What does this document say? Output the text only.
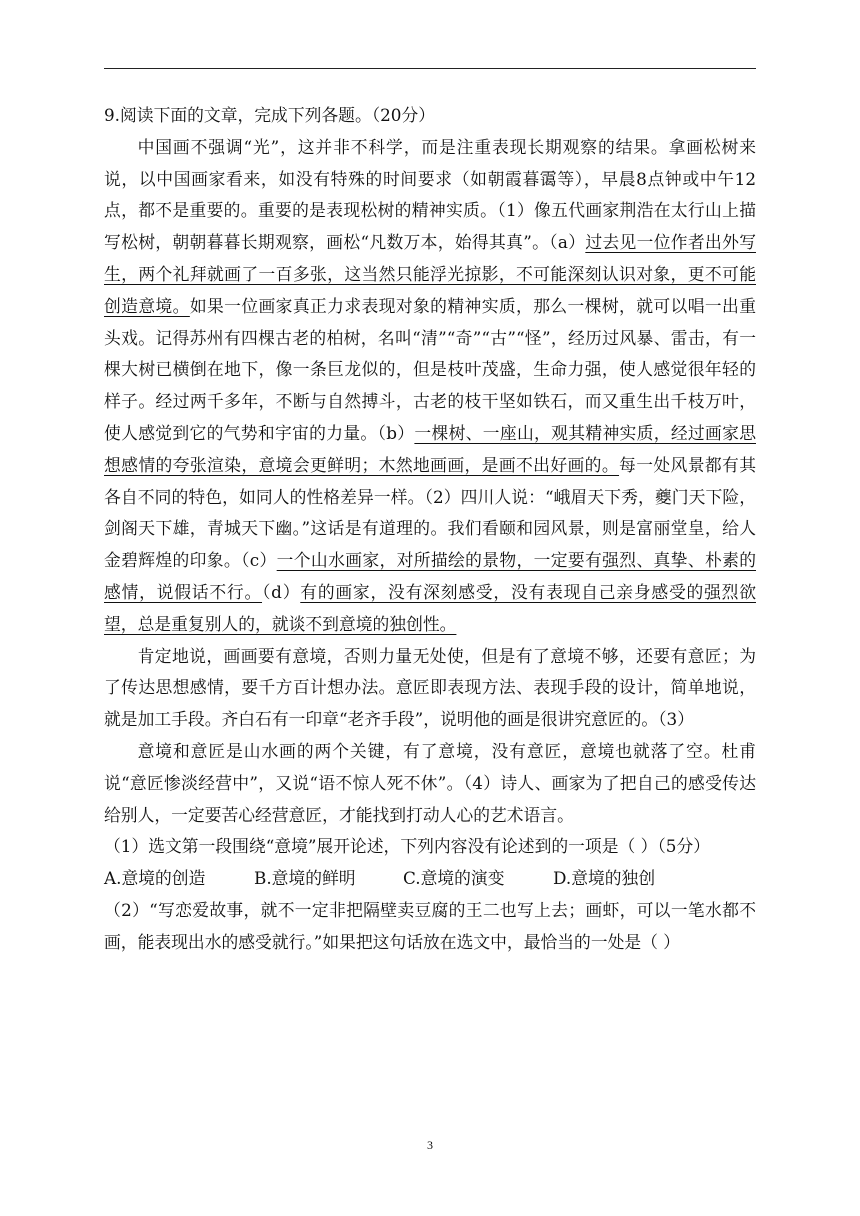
9.阅读下面的文章，完成下列各题。（20分）

中国画不强调“光”，这并非不科学，而是注重表现长期观察的结果。拿画松树来说，以中国画家看来，如没有特殊的时间要求（如朝霞暮霭等），早晨8点钟或中午12点，都不是重要的。重要的是表现松树的精神实质。（1）像五代画家荆浩在太行山上描写松树，朝朝暮暮长期观察，画松“凡数万本，始得其真”。（a）过去见一位作者出外写生，两个礼拜就画了一百多张，这当然只能浮光掠影，不可能深刻认识对象，更不可能创造意境。如果一位画家真正力求表现对象的精神实质，那么一棵树，就可以唱一出重头戏。记得苏州有四棵古老的柏树，名叫“清”“奇”“古”“怪”，经历过风暴、雷击，有一棵大树已横倒在地下，像一条巨龙似的，但是枝叶茂盛，生命力强，使人感觉很年轻的样子。经过两千多年，不断与自然搏斗，古老的枝干坚如铁石，而又重生出千枝万叶，使人感觉到它的气势和宇宙的力量。（b）一棵树、一座山，观其精神实质，经过画家思想感情的夸张渲染，意境会更鲜明；木然地画画，是画不出好画的。每一处风景都有其各自不同的特色，如同人的性格差异一样。（2）四川人说：“峨眉天下秀，夔门天下险，剑阁天下雄，青城天下幽。”这话是有道理的。我们看颐和园风景，则是富丽堂皇，给人金碧辉煌的印象。（c）一个山水画家，对所描绘的景物，一定要有强烈、真挚、朴素的感情，说假话不行。（d）有的画家，没有深刻感受，没有表现自己亲身感受的强烈欲望，总是重复别人的，就谈不到意境的独创性。

肯定地说，画画要有意境，否则力量无处使，但是有了意境不够，还要有意匠；为了传达思想感情，要千方百计想办法。意匠即表现方法、表现手段的设计，简单地说，就是加工手段。齐白石有一印章“老齐手段”，说明他的画是很讲究意匠的。（3）

意境和意匠是山水画的两个关键，有了意境，没有意匠，意境也就落了空。杜甫说“意匠惨淡经营中”，又说“语不惊人死不休”。（4）诗人、画家为了把自己的感受传达给别人，一定要苦心经营意匠，才能找到打动人心的艺术语言。

（1）选文第一段围绕“意境”展开论述，下列内容没有论述到的一项是（ ）（5分）

A.意境的创造	B.意境的鲜明	C.意境的演变	D.意境的独创

（2）“写恋爱故事，就不一定非把隔壁卖豆腐的王二也写上去；画虾，可以一笔水都不画，能表现出水的感受就行。”如果把这句话放在选文中，最恰当的一处是（ ）

3
